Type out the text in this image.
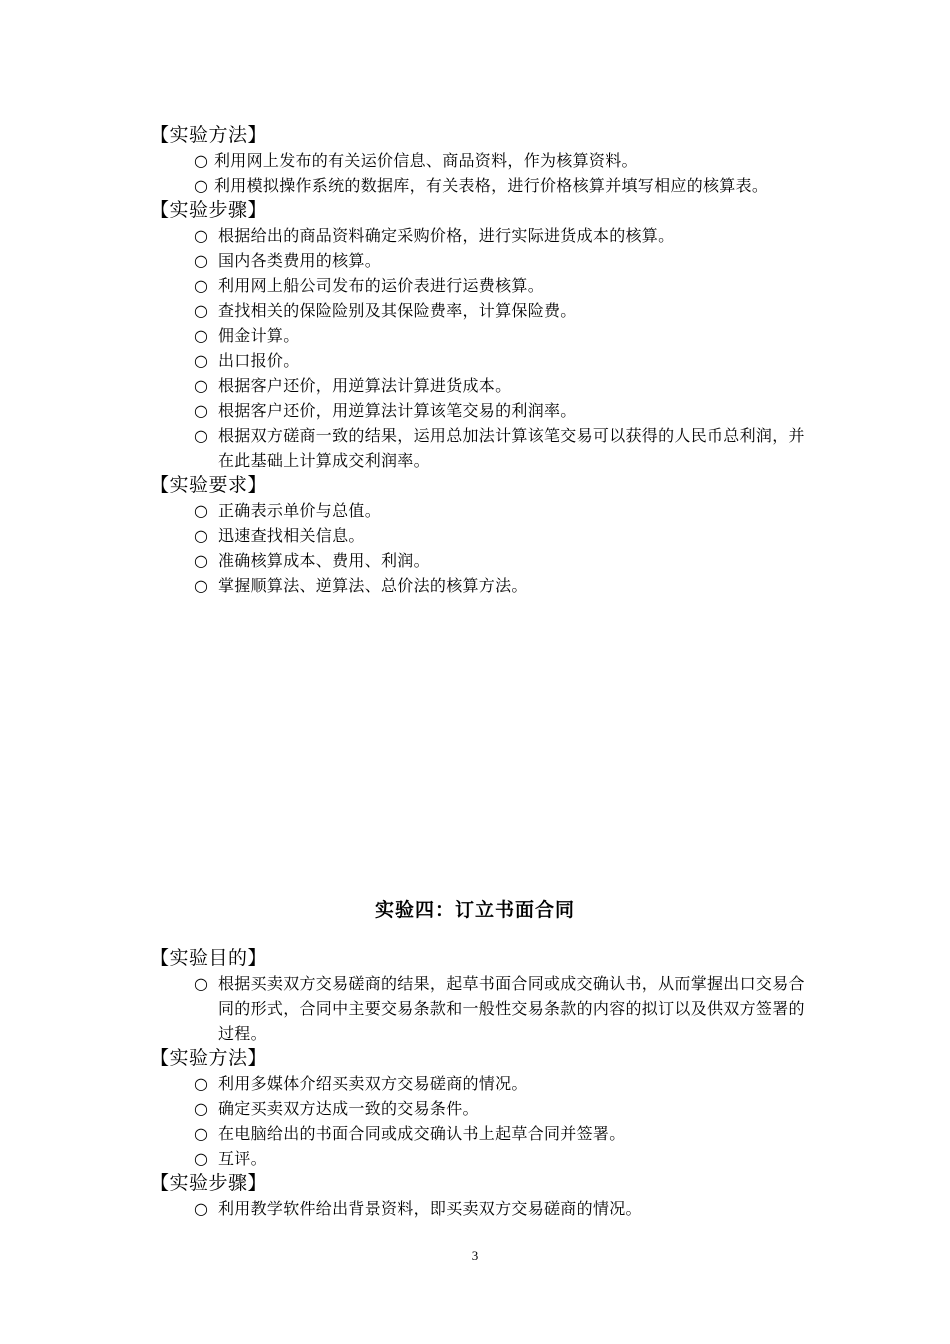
【实验方法】
○ 利用网上发布的有关运价信息、商品资料，作为核算资料。
○ 利用模拟操作系统的数据库，有关表格，进行价格核算并填写相应的核算表。
【实验步骤】
○ 根据给出的商品资料确定采购价格，进行实际进货成本的核算。
○ 国内各类费用的核算。
○ 利用网上船公司发布的运价表进行运费核算。
○ 查找相关的保险险别及其保险费率，计算保险费。
○ 佣金计算。
○ 出口报价。
○ 根据客户还价，用逆算法计算进货成本。
○ 根据客户还价，用逆算法计算该笔交易的利润率。
○ 根据双方磋商一致的结果，运用总加法计算该笔交易可以获得的人民币总利润，并在此基础上计算成交利润率。
【实验要求】
○ 正确表示单价与总值。
○ 迅速查找相关信息。
○ 准确核算成本、费用、利润。
○ 掌握顺算法、逆算法、总价法的核算方法。
实验四：订立书面合同
【实验目的】
○ 根据买卖双方交易磋商的结果，起草书面合同或成交确认书，从而掌握出口交易合同的形式，合同中主要交易条款和一般性交易条款的内容的拟订以及供双方签署的过程。
【实验方法】
○ 利用多媒体介绍买卖双方交易磋商的情况。
○ 确定买卖双方达成一致的交易条件。
○ 在电脑给出的书面合同或成交确认书上起草合同并签署。
○ 互评。
【实验步骤】
○ 利用教学软件给出背景资料，即买卖双方交易磋商的情况。
3
